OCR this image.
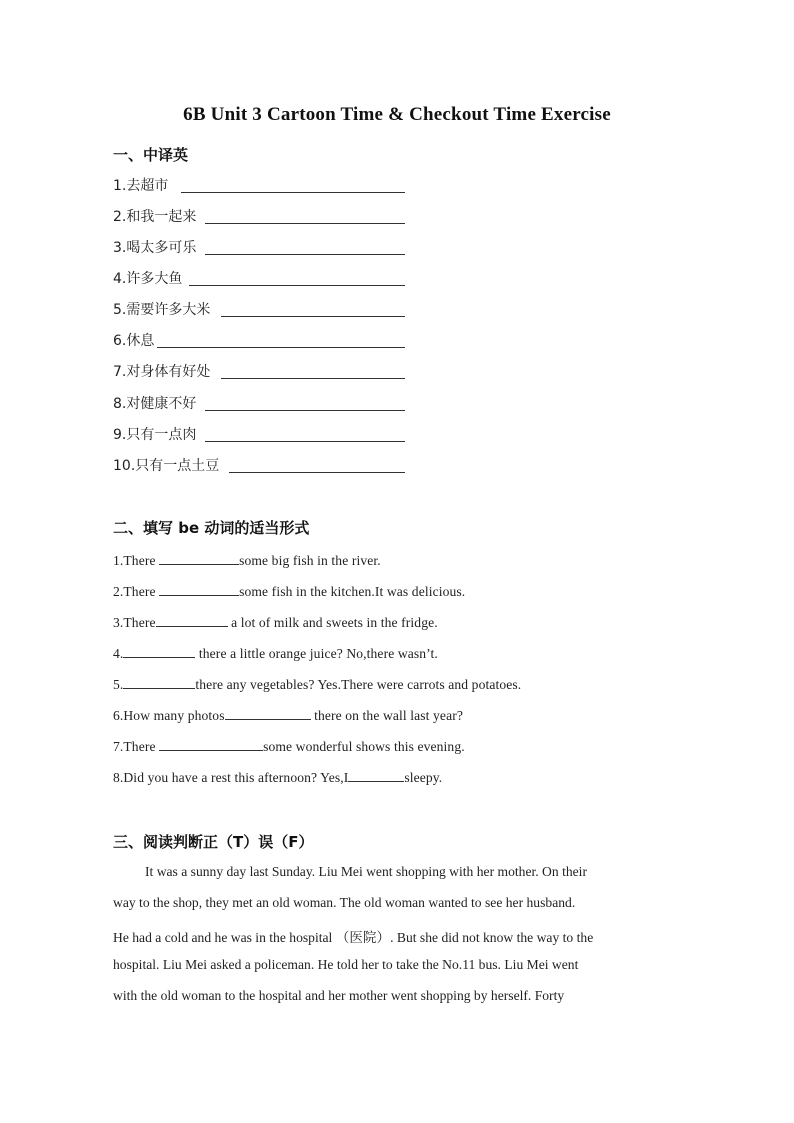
6B Unit 3 Cartoon Time & Checkout Time Exercise
一、中译英
1.去超市
2.和我一起来
3.喝太多可乐
4.许多大鱼
5.需要许多大米
6.休息
7.对身体有好处
8.对健康不好
9.只有一点肉
10.只有一点土豆
二、填写 be 动词的适当形式
1.There	some big fish in the river.
2.There	some fish in the kitchen.It was delicious.
3.There	a lot of milk and sweets in the fridge.
4.	there a little orange juice? No,there wasn’t.
5.	there any vegetables? Yes.There were carrots and potatoes.
6.How many photos	there on the wall last year?
7.There	some wonderful shows this evening.
8.Did you have a rest this afternoon? Yes,I	sleepy.
三、阅读判断正（T）误（F）
It was a sunny day last Sunday. Liu Mei went shopping with her mother. On their
way to the shop, they met an old woman. The old woman wanted to see her husband.
He had a cold and he was in the hospital （医院）. But she did not know the way to the
hospital. Liu Mei asked a policeman. He told her to take the No.11 bus. Liu Mei went
with the old woman to the hospital and her mother went shopping by herself. Forty
